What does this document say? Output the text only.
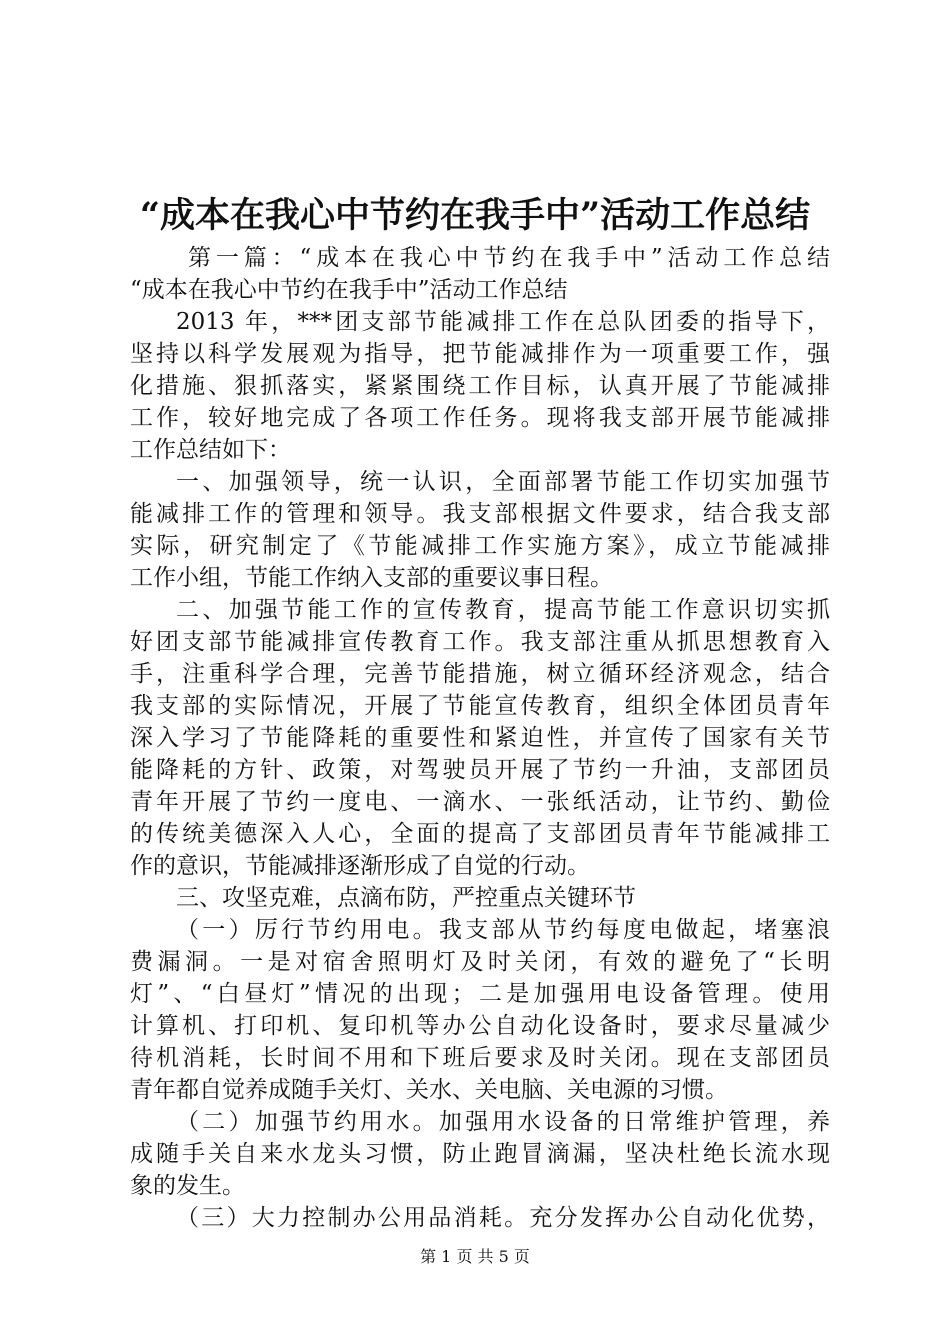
“成本在我心中节约在我手中”活动工作总结
第一篇：“成本在我心中节约在我手中”活动工作总结
“成本在我心中节约在我手中”活动工作总结
2013 年，***团支部节能减排工作在总队团委的指导下，
坚持以科学发展观为指导，把节能减排作为一项重要工作，强
化措施、狠抓落实，紧紧围绕工作目标，认真开展了节能减排
工作，较好地完成了各项工作任务。现将我支部开展节能减排
工作总结如下：
一、加强领导，统一认识，全面部署节能工作切实加强节
能减排工作的管理和领导。我支部根据文件要求，结合我支部
实际，研究制定了《节能减排工作实施方案》，成立节能减排
工作小组，节能工作纳入支部的重要议事日程。
二、加强节能工作的宣传教育，提高节能工作意识切实抓
好团支部节能减排宣传教育工作。我支部注重从抓思想教育入
手，注重科学合理，完善节能措施，树立循环经济观念，结合
我支部的实际情况，开展了节能宣传教育，组织全体团员青年
深入学习了节能降耗的重要性和紧迫性，并宣传了国家有关节
能降耗的方针、政策，对驾驶员开展了节约一升油，支部团员
青年开展了节约一度电、一滴水、一张纸活动，让节约、勤俭
的传统美德深入人心，全面的提高了支部团员青年节能减排工
作的意识，节能减排逐渐形成了自觉的行动。
三、攻坚克难，点滴布防，严控重点关键环节
（一）厉行节约用电。我支部从节约每度电做起，堵塞浪
费漏洞。一是对宿舍照明灯及时关闭，有效的避免了“长明
灯”、“白昼灯”情况的出现；二是加强用电设备管理。使用
计算机、打印机、复印机等办公自动化设备时，要求尽量减少
待机消耗，长时间不用和下班后要求及时关闭。现在支部团员
青年都自觉养成随手关灯、关水、关电脑、关电源的习惯。
（二）加强节约用水。加强用水设备的日常维护管理，养
成随手关自来水龙头习惯，防止跑冒滴漏，坚决杜绝长流水现
象的发生。
（三）大力控制办公用品消耗。充分发挥办公自动化优势，
第 1 页 共 5 页
